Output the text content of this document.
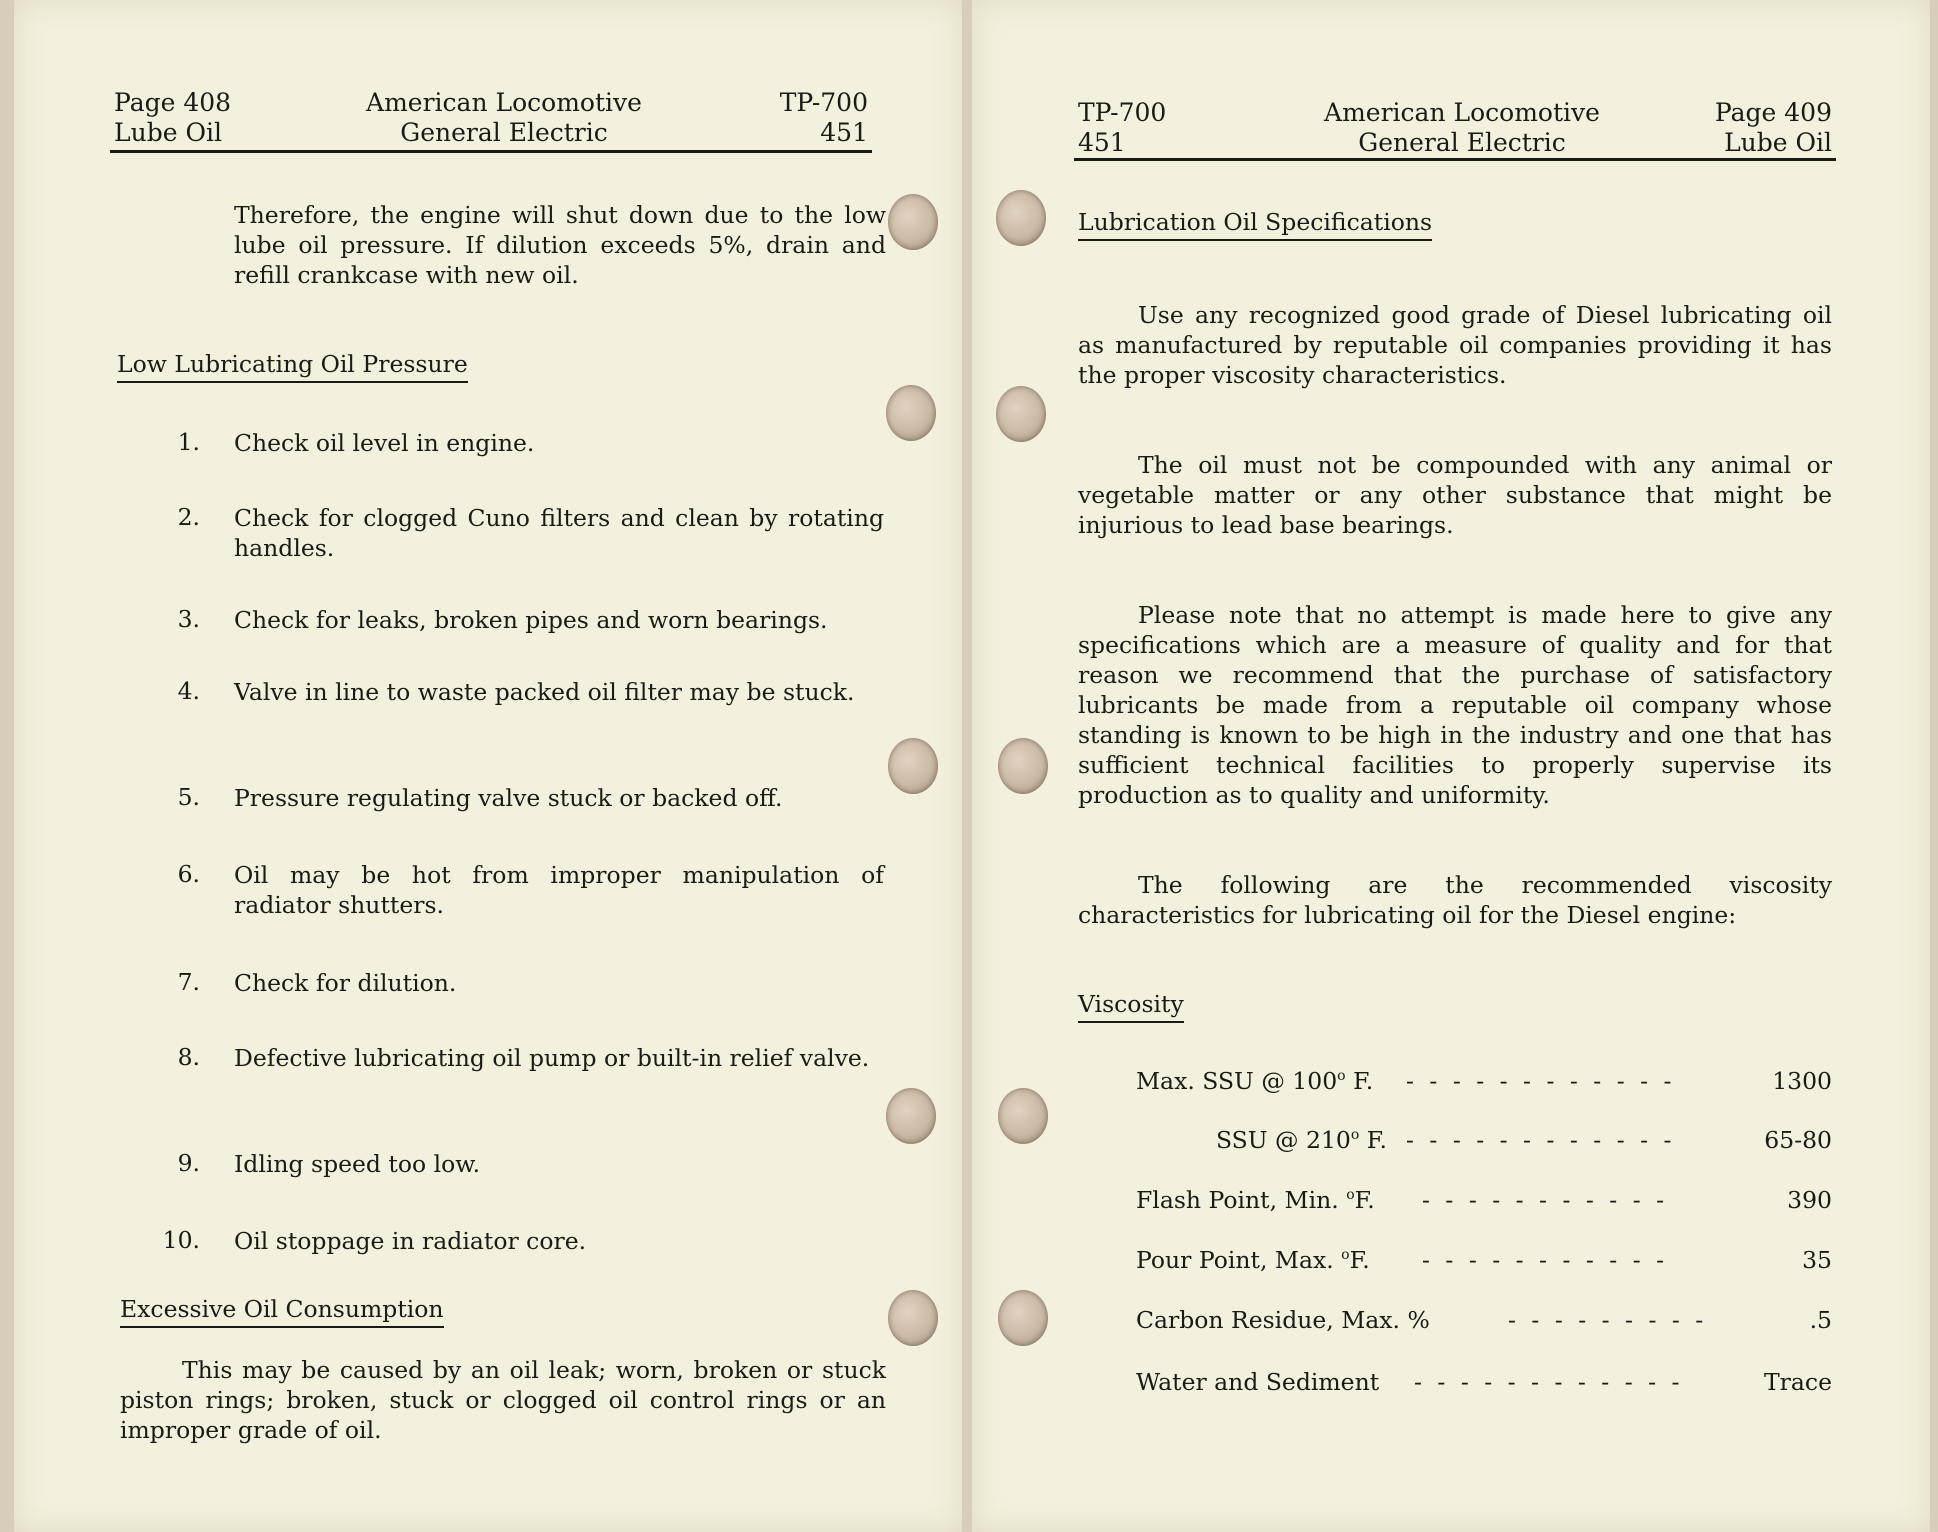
Page 408
Lube Oil
American Locomotive
General Electric
TP-700
451
Therefore, the engine will shut down due to the low lube oil pressure. If dilution exceeds 5%, drain and refill crankcase with new oil.
Low Lubricating Oil Pressure
1. Check oil level in engine.
2. Check for clogged Cuno filters and clean by rotating handles.
3. Check for leaks, broken pipes and worn bearings.
4. Valve in line to waste packed oil filter may be stuck.
5. Pressure regulating valve stuck or backed off.
6. Oil may be hot from improper manipulation of radiator shutters.
7. Check for dilution.
8. Defective lubricating oil pump or built-in relief valve.
9. Idling speed too low.
10. Oil stoppage in radiator core.
Excessive Oil Consumption
This may be caused by an oil leak; worn, broken or stuck piston rings; broken, stuck or clogged oil control rings or an improper grade of oil.
TP-700
451
American Locomotive
General Electric
Page 409
Lube Oil
Lubrication Oil Specifications
Use any recognized good grade of Diesel lubricating oil as manufactured by reputable oil companies providing it has the proper viscosity characteristics.
The oil must not be compounded with any animal or vegetable matter or any other substance that might be injurious to lead base bearings.
Please note that no attempt is made here to give any specifications which are a measure of quality and for that reason we recommend that the purchase of satisfactory lubricants be made from a reputable oil company whose standing is known to be high in the industry and one that has sufficient technical facilities to properly supervise its production as to quality and uniformity.
The following are the recommended viscosity characteristics for lubricating oil for the Diesel engine:
Viscosity
Max. SSU @ 100$^o$ F. - - - - - - - - - - - -	1300
SSU @ 210$^o$ F. - - - - - - - - - - - -	65-80
Flash Point, Min. $^o$F. - - - - - - - - - - -	390
Pour Point, Max. $^o$F. - - - - - - - - - - -	35
Carbon Residue, Max. %	- - - - - - - - -	.5
Water and Sediment - - - - - - - - - - - -	Trace
